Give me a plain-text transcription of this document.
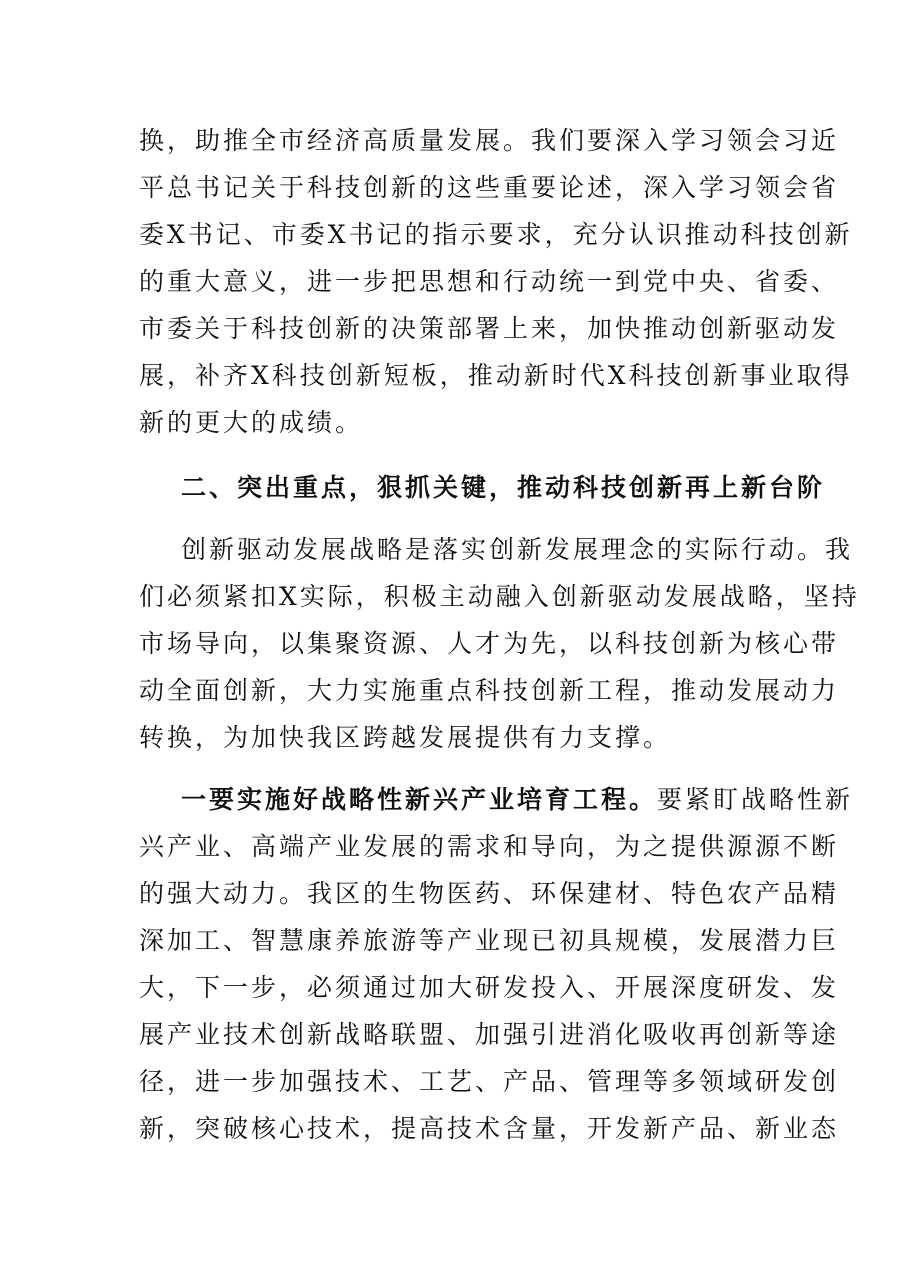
换，助推全市经济高质量发展。我们要深入学习领会习近
平总书记关于科技创新的这些重要论述，深入学习领会省
委X书记、市委X书记的指示要求，充分认识推动科技创新
的重大意义，进一步把思想和行动统一到党中央、省委、
市委关于科技创新的决策部署上来，加快推动创新驱动发
展，补齐X科技创新短板，推动新时代X科技创新事业取得
新的更大的成绩。
二、突出重点，狠抓关键，推动科技创新再上新台阶
创新驱动发展战略是落实创新发展理念的实际行动。我
们必须紧扣X实际，积极主动融入创新驱动发展战略，坚持
市场导向，以集聚资源、人才为先，以科技创新为核心带
动全面创新，大力实施重点科技创新工程，推动发展动力
转换，为加快我区跨越发展提供有力支撑。
一要实施好战略性新兴产业培育工程。要紧盯战略性新
兴产业、高端产业发展的需求和导向，为之提供源源不断
的强大动力。我区的生物医药、环保建材、特色农产品精
深加工、智慧康养旅游等产业现已初具规模，发展潜力巨
大，下一步，必须通过加大研发投入、开展深度研发、发
展产业技术创新战略联盟、加强引进消化吸收再创新等途
径，进一步加强技术、工艺、产品、管理等多领域研发创
新，突破核心技术，提高技术含量，开发新产品、新业态
